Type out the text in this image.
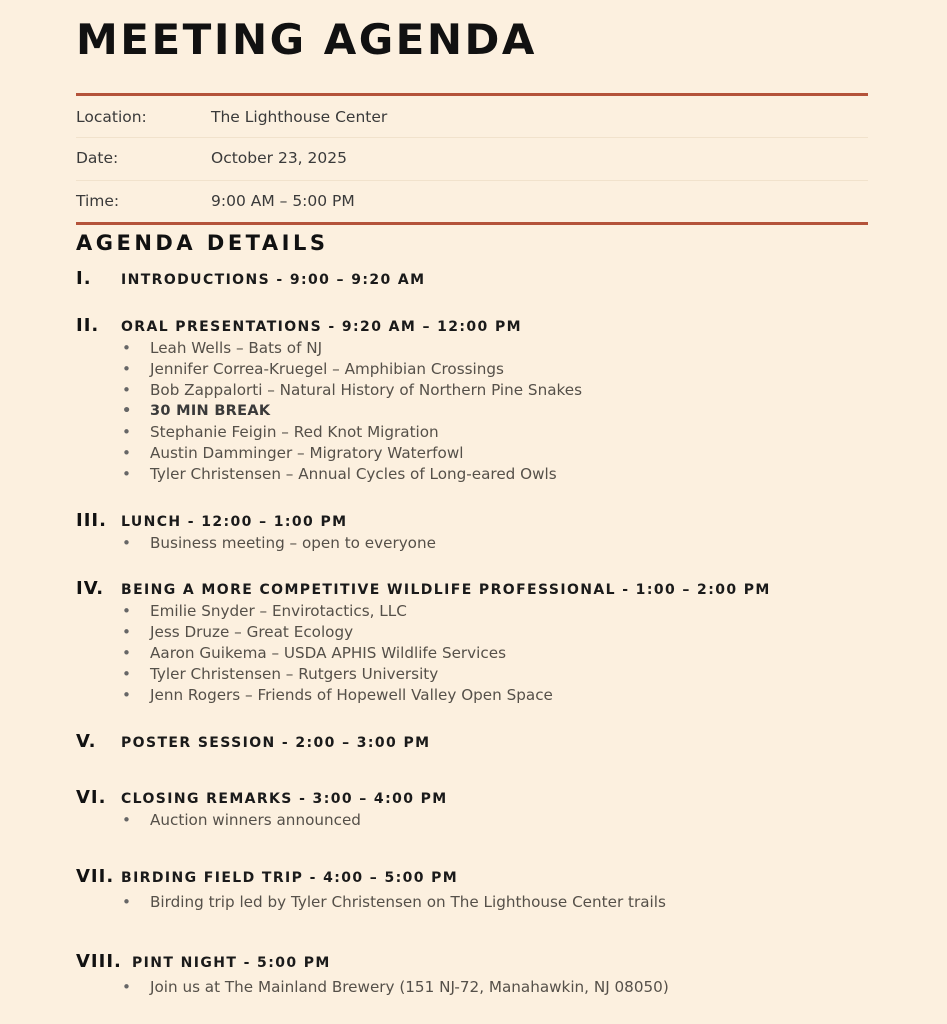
MEETING AGENDA
Location:	The Lighthouse Center
Date:	October 23, 2025
Time:	9:00 AM – 5:00 PM
AGENDA DETAILS
I.	INTRODUCTIONS - 9:00 – 9:20 AM
II.	ORAL PRESENTATIONS - 9:20 AM – 12:00 PM
• Leah Wells – Bats of NJ
• Jennifer Correa-Kruegel – Amphibian Crossings
• Bob Zappalorti – Natural History of Northern Pine Snakes
• 30 MIN BREAK
• Stephanie Feigin – Red Knot Migration
• Austin Damminger – Migratory Waterfowl
• Tyler Christensen – Annual Cycles of Long-eared Owls
III.	LUNCH - 12:00 – 1:00 PM
• Business meeting – open to everyone
IV.	BEING A MORE COMPETITIVE WILDLIFE PROFESSIONAL - 1:00 – 2:00 PM
• Emilie Snyder – Envirotactics, LLC
• Jess Druze – Great Ecology
• Aaron Guikema – USDA APHIS Wildlife Services
• Tyler Christensen – Rutgers University
• Jenn Rogers – Friends of Hopewell Valley Open Space
V.	POSTER SESSION - 2:00 – 3:00 PM
VI.	CLOSING REMARKS - 3:00 – 4:00 PM
• Auction winners announced
VII. BIRDING FIELD TRIP - 4:00 – 5:00 PM
• Birding trip led by Tyler Christensen on The Lighthouse Center trails
VIII. PINT NIGHT - 5:00 PM
• Join us at The Mainland Brewery (151 NJ-72, Manahawkin, NJ 08050)
